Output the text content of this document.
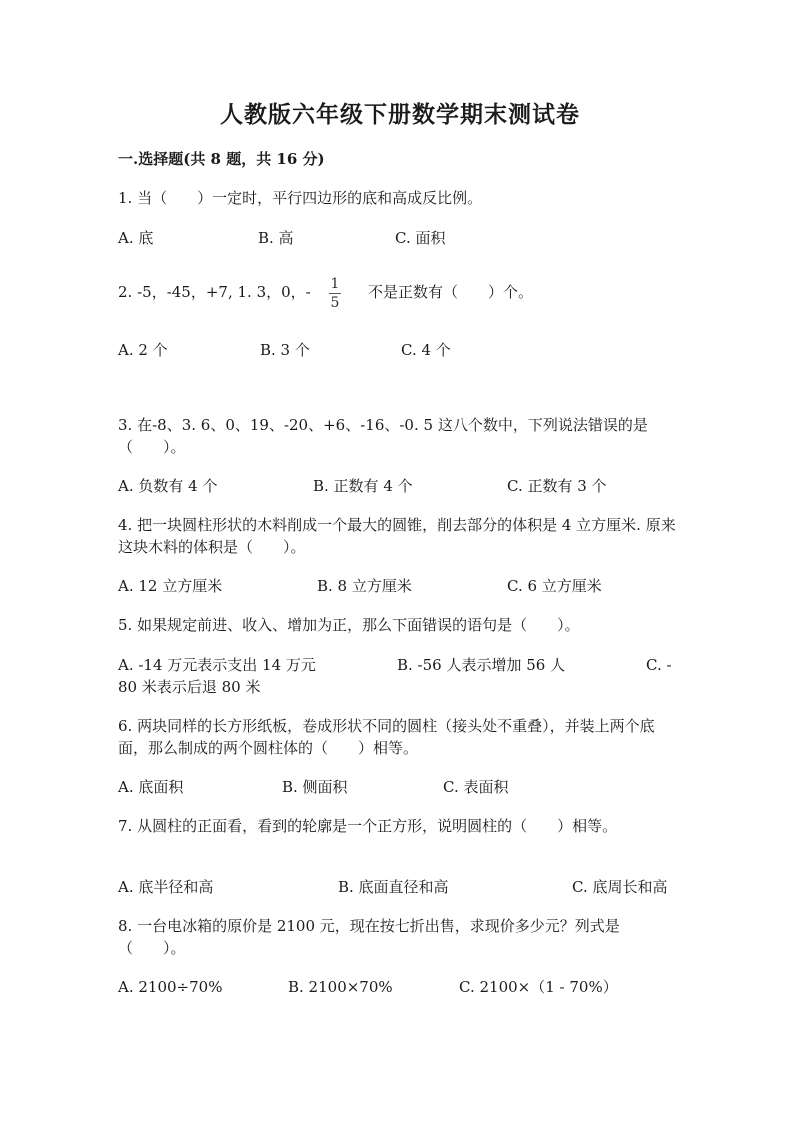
人教版六年级下册数学期末测试卷
一.选择题(共 8 题，共 16 分)
1. 当（　　）一定时，平行四边形的底和高成反比例。
A. 底	B. 高	C. 面积
2. -5，-45，+7, 1. 3，0，- 1
5
不是正数有（　　）个。
A. 2 个	B. 3 个	C. 4 个
3. 在-8、3. 6、0、19、-20、+6、-16、-0. 5 这八个数中，下列说法错误的是（　　）。
A. 负数有 4 个	B. 正数有 4 个	C. 正数有 3 个
4. 把一块圆柱形状的木料削成一个最大的圆锥，削去部分的体积是 4 立方厘米. 原来这块木料的体积是（　　）。
A. 12 立方厘米	B. 8 立方厘米	C. 6 立方厘米
5. 如果规定前进、收入、增加为正，那么下面错误的语句是（　　）。
A. -14 万元表示支出 14 万元	B. -56 人表示增加 56 人	C. -
80 米表示后退 80 米
6. 两块同样的长方形纸板，卷成形状不同的圆柱（接头处不重叠），并装上两个底面，那么制成的两个圆柱体的（　　）相等。
A. 底面积	B. 侧面积	C. 表面积
7. 从圆柱的正面看，看到的轮廓是一个正方形，说明圆柱的（　　）相等。
A. 底半径和高	B. 底面直径和高	C. 底周长和高
8. 一台电冰箱的原价是 2100 元，现在按七折出售，求现价多少元？列式是（　　）。
A. 2100÷70%	B. 2100×70%	C. 2100×（1 - 70%）
